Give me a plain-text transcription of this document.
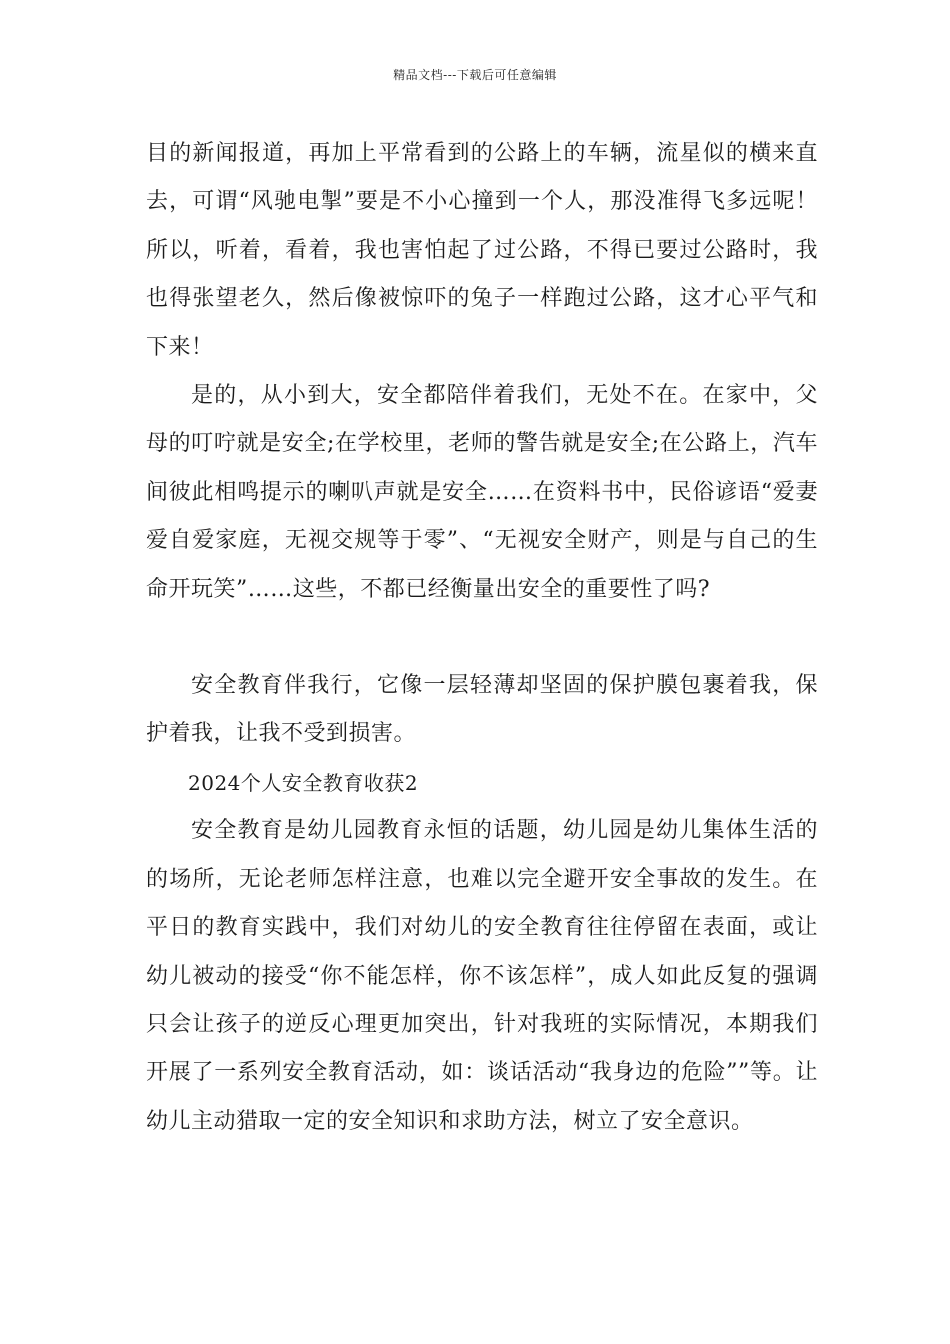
精品文档---下载后可任意编辑

目的新闻报道，再加上平常看到的公路上的车辆，流星似的横来直去，可谓“风驰电掣”要是不小心撞到一个人，那没准得飞多远呢！所以，听着，看着，我也害怕起了过公路，不得已要过公路时，我也得张望老久，然后像被惊吓的兔子一样跑过公路，这才心平气和下来！

是的，从小到大，安全都陪伴着我们，无处不在。在家中，父母的叮咛就是安全;在学校里，老师的警告就是安全;在公路上，汽车间彼此相鸣提示的喇叭声就是安全……在资料书中，民俗谚语“爱妻爱自爱家庭，无视交规等于零”、“无视安全财产，则是与自己的生命开玩笑”……这些，不都已经衡量出安全的重要性了吗?

安全教育伴我行，它像一层轻薄却坚固的保护膜包裹着我，保护着我，让我不受到损害。

2024个人安全教育收获2

安全教育是幼儿园教育永恒的话题，幼儿园是幼儿集体生活的的场所，无论老师怎样注意，也难以完全避开安全事故的发生。在平日的教育实践中，我们对幼儿的安全教育往往停留在表面，或让幼儿被动的接受“你不能怎样，你不该怎样”，成人如此反复的强调只会让孩子的逆反心理更加突出，针对我班的实际情况，本期我们开展了一系列安全教育活动，如：谈话活动“我身边的危险””等。让幼儿主动猎取一定的安全知识和求助方法，树立了安全意识。
